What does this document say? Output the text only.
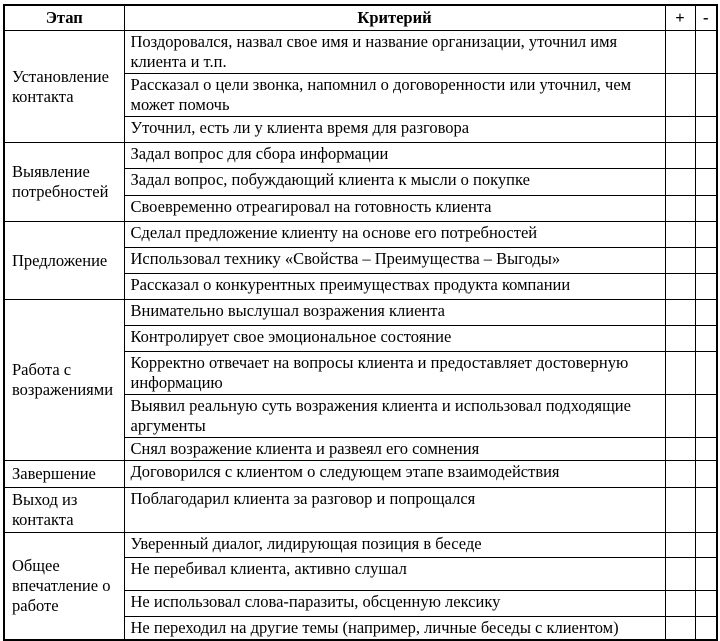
Этап	Критерий	+	-
Установление контакта	Поздоровался, назвал свое имя и название организации, уточнил имя клиента и т.п.		
	Рассказал о цели звонка, напомнил о договоренности или уточнил, чем может помочь		
	Уточнил, есть ли у клиента время для разговора		
Выявление потребностей	Задал вопрос для сбора информации		
	Задал вопрос, побуждающий клиента к мысли о покупке		
	Своевременно отреагировал на готовность клиента		
Предложение	Сделал предложение клиенту на основе его потребностей		
	Использовал технику «Свойства – Преимущества – Выгоды»		
	Рассказал о конкурентных преимуществах продукта компании		
Работа с возражениями	Внимательно выслушал возражения клиента		
	Контролирует свое эмоциональное состояние		
	Корректно отвечает на вопросы клиента и предоставляет достоверную информацию		
	Выявил реальную суть возражения клиента и использовал подходящие аргументы		
	Снял возражение клиента и развеял его сомнения		
Завершение	Договорился с клиентом о следующем этапе взаимодействия		
Выход из контакта	Поблагодарил клиента за разговор и попрощался		
Общее впечатление о работе	Уверенный диалог, лидирующая позиция в беседе		
	Не перебивал клиента, активно слушал		
	Не использовал слова-паразиты, обсценную лексику		
	Не переходил на другие темы (например, личные беседы с клиентом)		
